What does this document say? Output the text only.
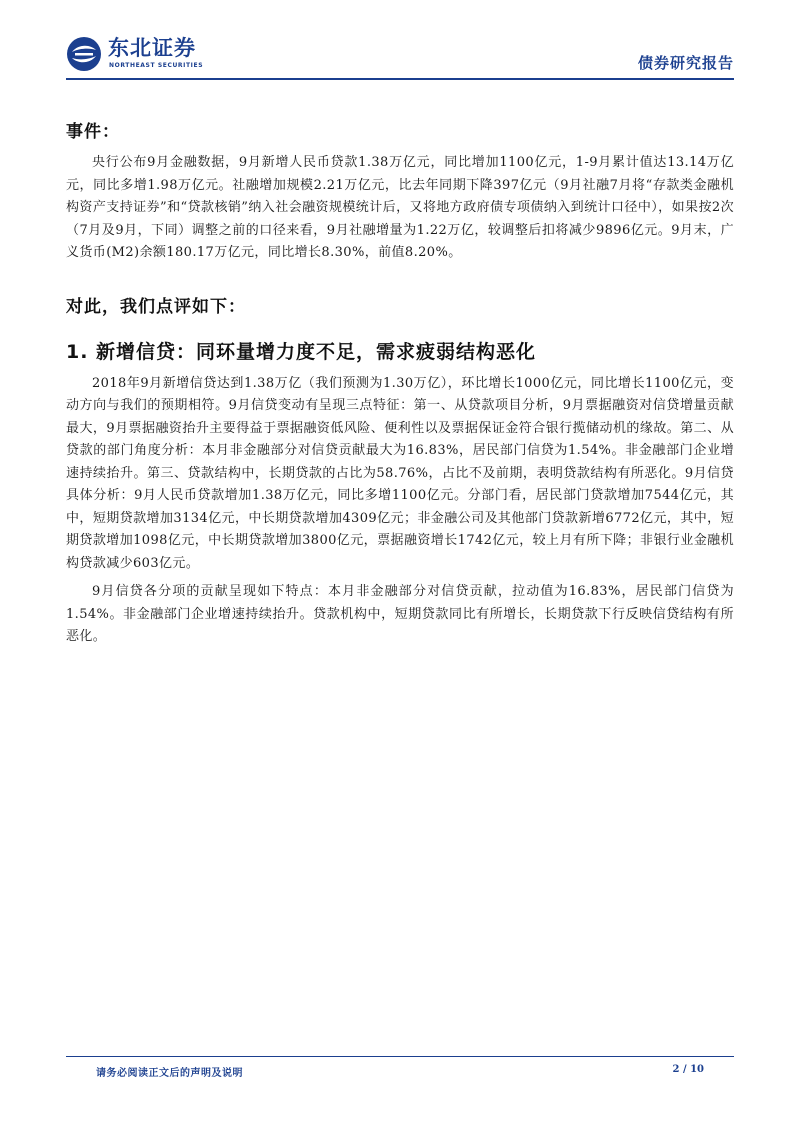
东北证券
NORTHEAST SECURITIES	债券研究报告
事件：

央行公布9月金融数据，9月新增人民币贷款1.38万亿元，同比增加1100亿元，1-9月累计值达13.14万亿元，同比多增1.98万亿元。社融增加规模2.21万亿元，比去年同期下降397亿元（9月社融7月将“存款类金融机构资产支持证券”和“贷款核销”纳入社会融资规模统计后，又将地方政府债专项债纳入到统计口径中），如果按2次（7月及9月，下同）调整之前的口径来看，9月社融增量为1.22万亿，较调整后扣将减少9896亿元。9月末，广义货币(M2)余额180.17万亿元，同比增长8.30%，前值8.20%。

对此，我们点评如下：
1. 新增信贷：同环量增力度不足，需求疲弱结构恶化

2018年9月新增信贷达到1.38万亿（我们预测为1.30万亿），环比增长1000亿元，同比增长1100亿元，变动方向与我们的预期相符。9月信贷变动有呈现三点特征：第一、从贷款项目分析，9月票据融资对信贷增量贡献最大，9月票据融资抬升主要得益于票据融资低风险、便利性以及票据保证金符合银行揽储动机的缘故。第二、从贷款的部门角度分析：本月非金融部分对信贷贡献最大为16.83%，居民部门信贷为1.54%。非金融部门企业增速持续抬升。第三、贷款结构中，长期贷款的占比为58.76%，占比不及前期，表明贷款结构有所恶化。9月信贷具体分析：9月人民币贷款增加1.38万亿元，同比多增1100亿元。分部门看，居民部门贷款增加7544亿元，其中，短期贷款增加3134亿元，中长期贷款增加4309亿元；非金融公司及其他部门贷款新增6772亿元，其中，短期贷款增加1098亿元，中长期贷款增加3800亿元，票据融资增长1742亿元，较上月有所下降；非银行业金融机构贷款减少603亿元。

9月信贷各分项的贡献呈现如下特点：本月非金融部分对信贷贡献，拉动值为16.83%，居民部门信贷为1.54%。非金融部门企业增速持续抬升。贷款机构中，短期贷款同比有所增长，长期贷款下行反映信贷结构有所恶化。

请务必阅读正文后的声明及说明	2 / 10
